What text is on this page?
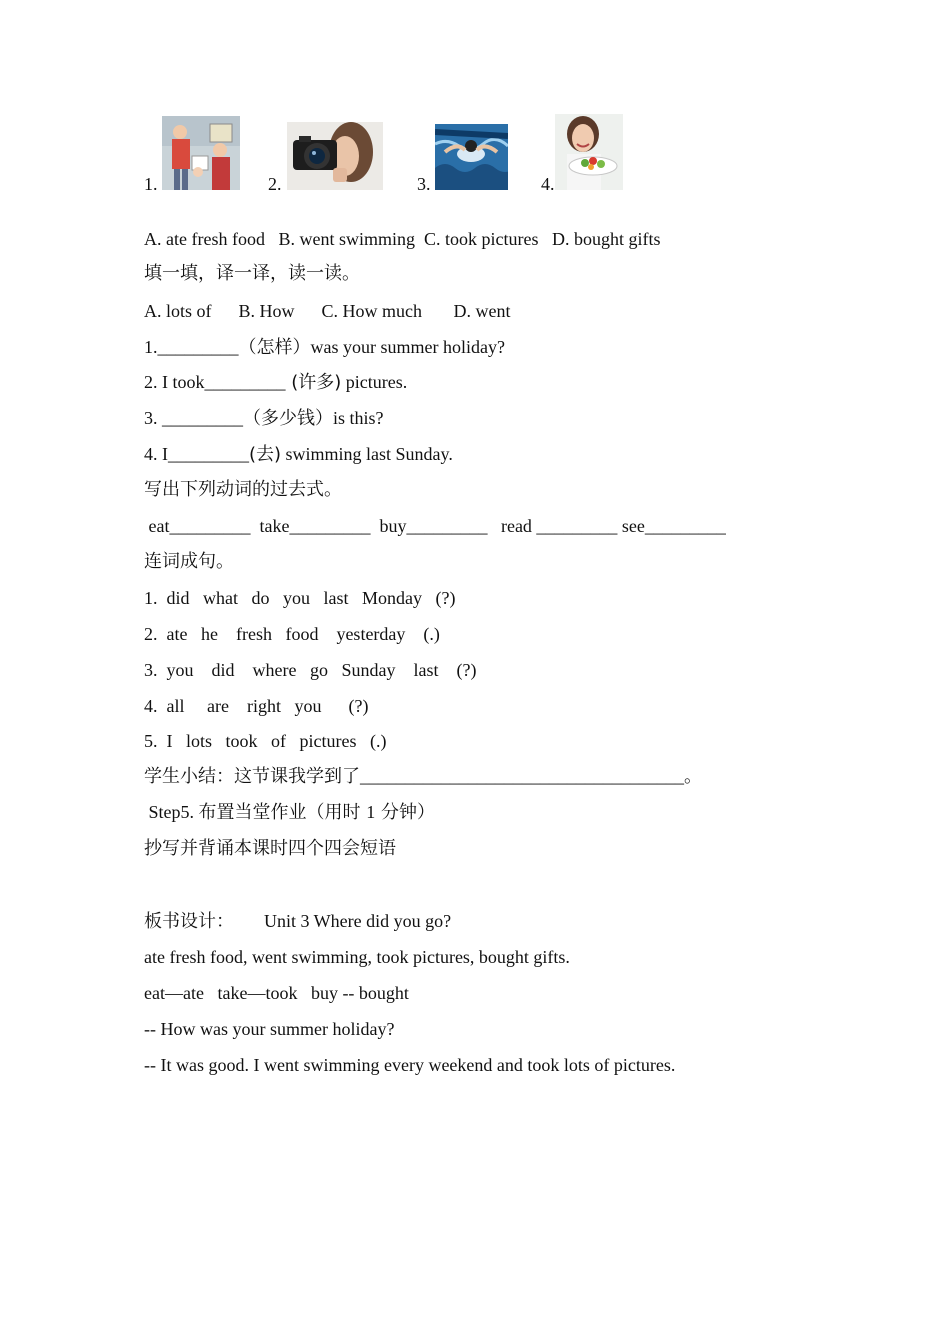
1.	2.	3.	4.
A. ate fresh food   B. went swimming  C. took pictures   D. bought gifts
填一填，译一译，读一读。
A. lots of      B. How      C. How much       D. went
1._________（怎样）was your summer holiday?
2. I took_________ (许多) pictures.
3. _________（多少钱）is this?
4. I_________(去) swimming last Sunday.
写出下列动词的过去式。
eat_________  take_________  buy_________   read _________ see_________
连词成句。
1.  did   what   do   you   last   Monday   (?)
2.  ate   he    fresh   food    yesterday    (.)
3.  you    did    where   go   Sunday    last    (?)
4.  all     are    right   you      (?)
5.  I   lots   took   of   pictures   (.)
学生小结：这节课我学到了____________________________________。
Step5. 布置当堂作业（用时 1 分钟）
抄写并背诵本课时四个四会短语
板书设计： Unit 3 Where did you go?
ate fresh food, went swimming, took pictures, bought gifts.
eat—ate   take—took   buy -- bought
-- How was your summer holiday?
-- It was good. I went swimming every weekend and took lots of pictures.
